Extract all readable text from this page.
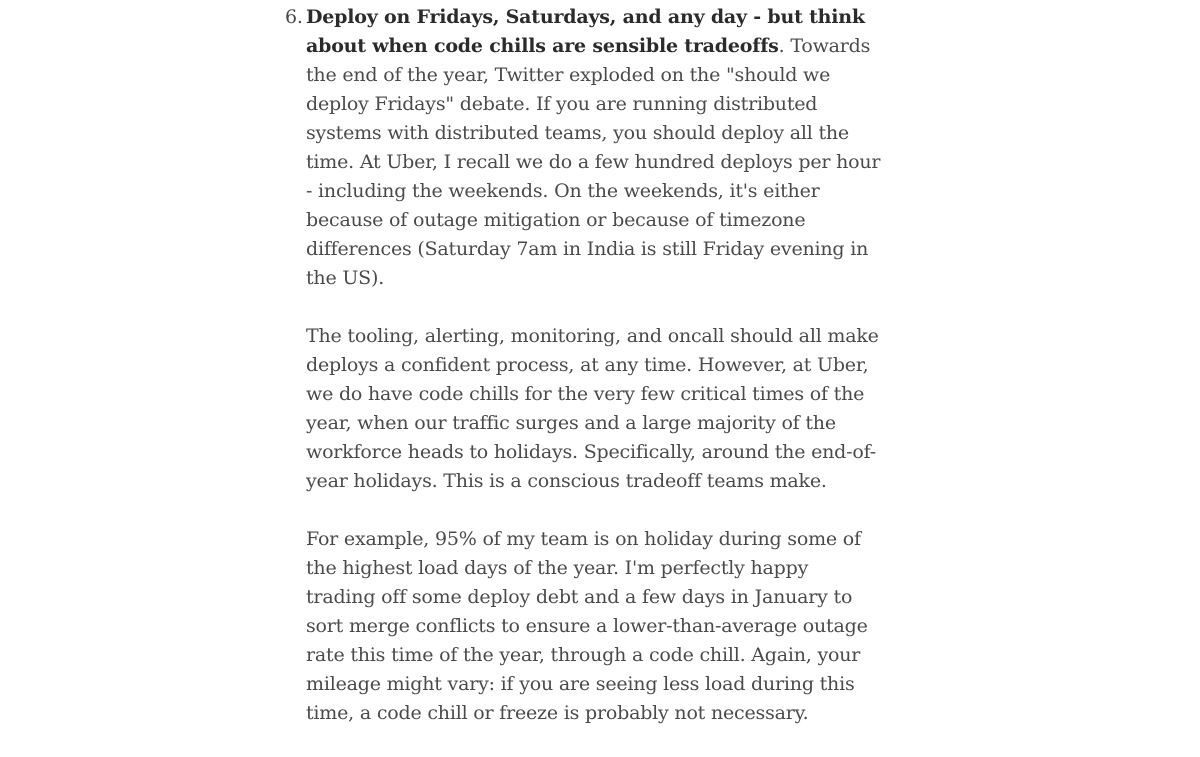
6. Deploy on Fridays, Saturdays, and any day - but think about when code chills are sensible tradeoffs. Towards the end of the year, Twitter exploded on the "should we deploy Fridays" debate. If you are running distributed systems with distributed teams, you should deploy all the time. At Uber, I recall we do a few hundred deploys per hour - including the weekends. On the weekends, it's either because of outage mitigation or because of timezone differences (Saturday 7am in India is still Friday evening in the US).

The tooling, alerting, monitoring, and oncall should all make deploys a confident process, at any time. However, at Uber, we do have code chills for the very few critical times of the year, when our traffic surges and a large majority of the workforce heads to holidays. Specifically, around the end-of-year holidays. This is a conscious tradeoff teams make.

For example, 95% of my team is on holiday during some of the highest load days of the year. I'm perfectly happy trading off some deploy debt and a few days in January to sort merge conflicts to ensure a lower-than-average outage rate this time of the year, through a code chill. Again, your mileage might vary: if you are seeing less load during this time, a code chill or freeze is probably not necessary.
